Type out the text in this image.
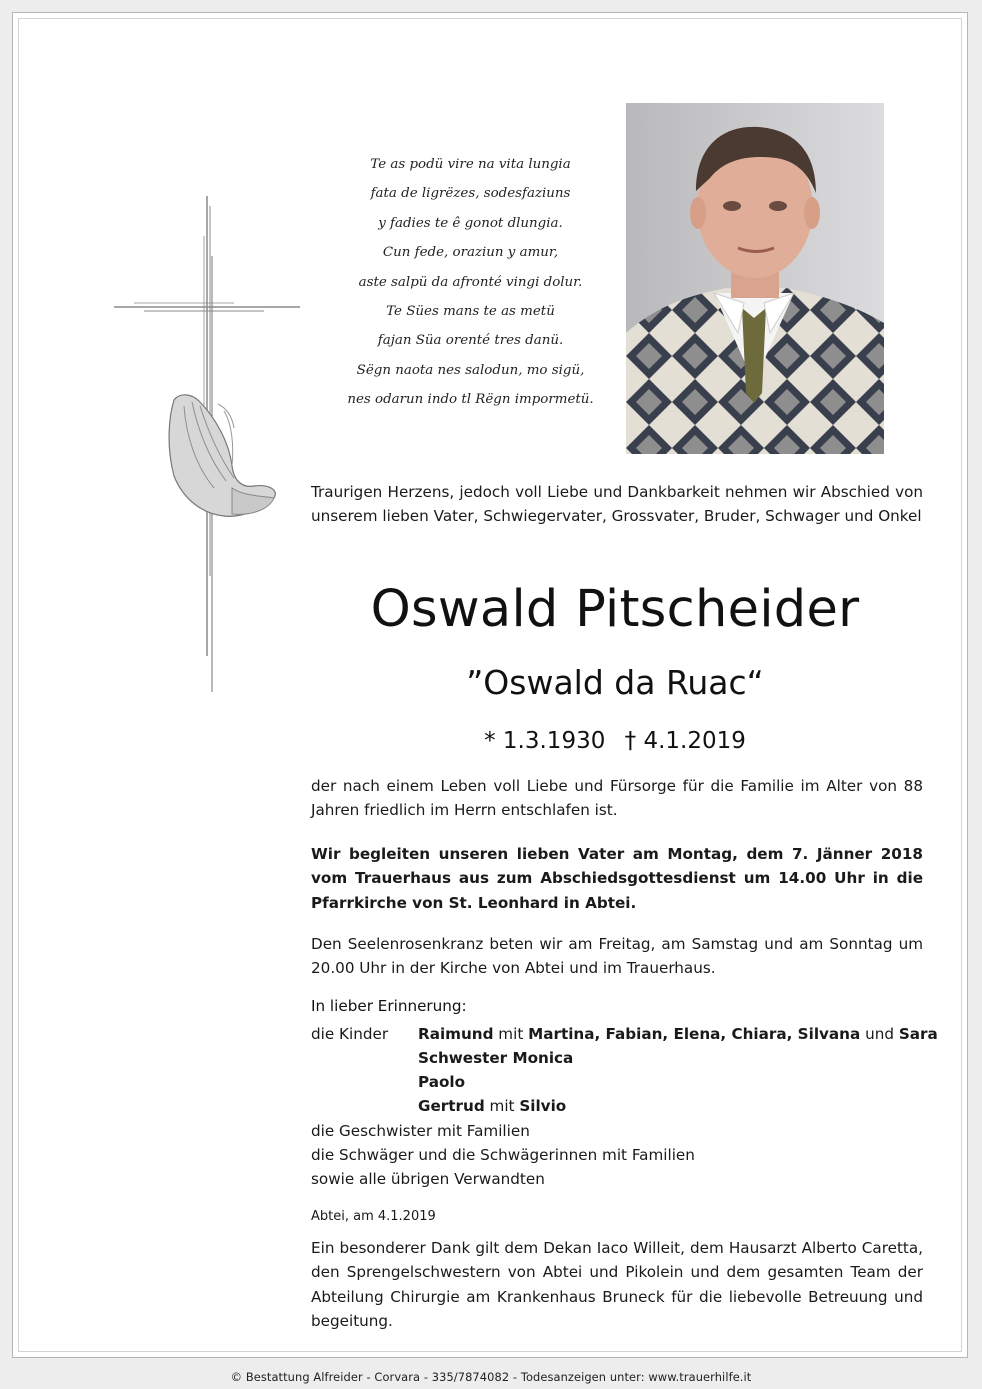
Te as podü vire na vita lungia
fata de ligrëzes, sodesfaziuns
y fadies te ê gonot dlungia.
Cun fede, oraziun y amur,
aste salpü da afronté vingi dolur.
Te Sües mans te as metü
fajan Süa orenté tres danü.
Sëgn naota nes salodun, mo sigü,
nes odarun indo tl Rëgn impormetü.
Traurigen Herzens, jedoch voll Liebe und Dankbarkeit nehmen wir Abschied von unserem lieben Vater, Schwiegervater, Grossvater, Bruder, Schwager und Onkel
Oswald Pitscheider
”Oswald da Ruac“
* 1.3.1930 † 4.1.2019
der nach einem Leben voll Liebe und Fürsorge für die Familie im Alter von 88 Jahren friedlich im Herrn entschlafen ist.
Wir begleiten unseren lieben Vater am Montag, dem 7. Jänner 2018 vom Trauerhaus aus zum Abschiedsgottesdienst um 14.00 Uhr in die Pfarrkirche von St. Leonhard in Abtei.
Den Seelenrosenkranz beten wir am Freitag, am Samstag und am Sonntag um 20.00 Uhr in der Kirche von Abtei und im Trauerhaus.
In lieber Erinnerung:
die Kinder Raimund mit Martina, Fabian, Elena, Chiara, Silvana und Sara
Schwester Monica
Paolo
Gertrud mit Silvio
die Geschwister mit Familien
die Schwäger und die Schwägerinnen mit Familien
sowie alle übrigen Verwandten
Abtei, am 4.1.2019
Ein besonderer Dank gilt dem Dekan Iaco Willeit, dem Hausarzt Alberto Caretta, den Sprengelschwestern von Abtei und Pikolein und dem gesamten Team der Abteilung Chirurgie am Krankenhaus Bruneck für die liebevolle Betreuung und begeitung.
© Bestattung Alfreider - Corvara - 335/7874082 - Todesanzeigen unter: www.trauerhilfe.it
